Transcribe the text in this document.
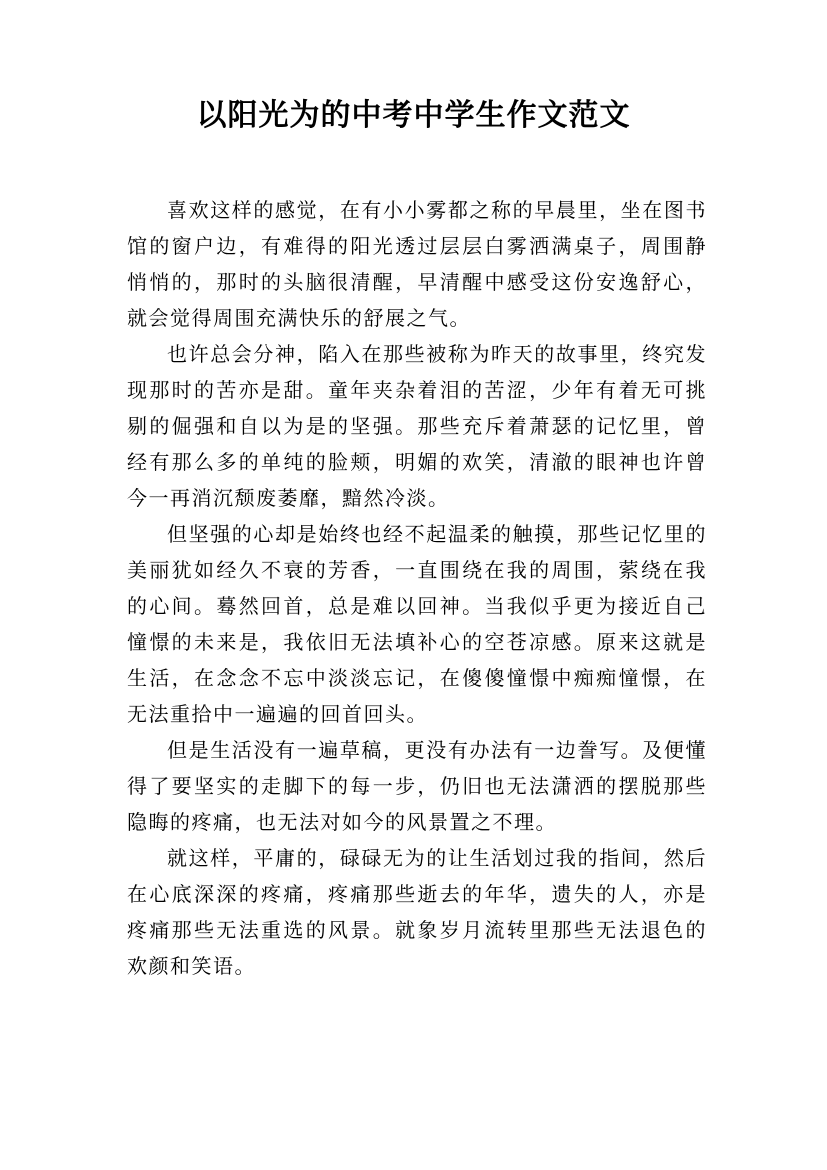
以阳光为的中考中学生作文范文

喜欢这样的感觉，在有小小雾都之称的早晨里，坐在图书馆的窗户边，有难得的阳光透过层层白雾洒满桌子，周围静悄悄的，那时的头脑很清醒，早清醒中感受这份安逸舒心，就会觉得周围充满快乐的舒展之气。

也许总会分神，陷入在那些被称为昨天的故事里，终究发现那时的苦亦是甜。童年夹杂着泪的苦涩，少年有着无可挑剔的倔强和自以为是的坚强。那些充斥着萧瑟的记忆里，曾经有那么多的单纯的脸颊，明媚的欢笑，清澈的眼神也许曾今一再消沉颓废萎靡，黯然冷淡。

但坚强的心却是始终也经不起温柔的触摸，那些记忆里的美丽犹如经久不衰的芳香，一直围绕在我的周围，萦绕在我的心间。蓦然回首，总是难以回神。当我似乎更为接近自己憧憬的未来是，我依旧无法填补心的空苍凉感。原来这就是生活，在念念不忘中淡淡忘记，在傻傻憧憬中痴痴憧憬，在无法重拾中一遍遍的回首回头。

但是生活没有一遍草稿，更没有办法有一边誊写。及便懂得了要坚实的走脚下的每一步，仍旧也无法潇洒的摆脱那些隐晦的疼痛，也无法对如今的风景置之不理。

就这样，平庸的，碌碌无为的让生活划过我的指间，然后在心底深深的疼痛，疼痛那些逝去的年华，遗失的人，亦是疼痛那些无法重选的风景。就象岁月流转里那些无法退色的欢颜和笑语。
